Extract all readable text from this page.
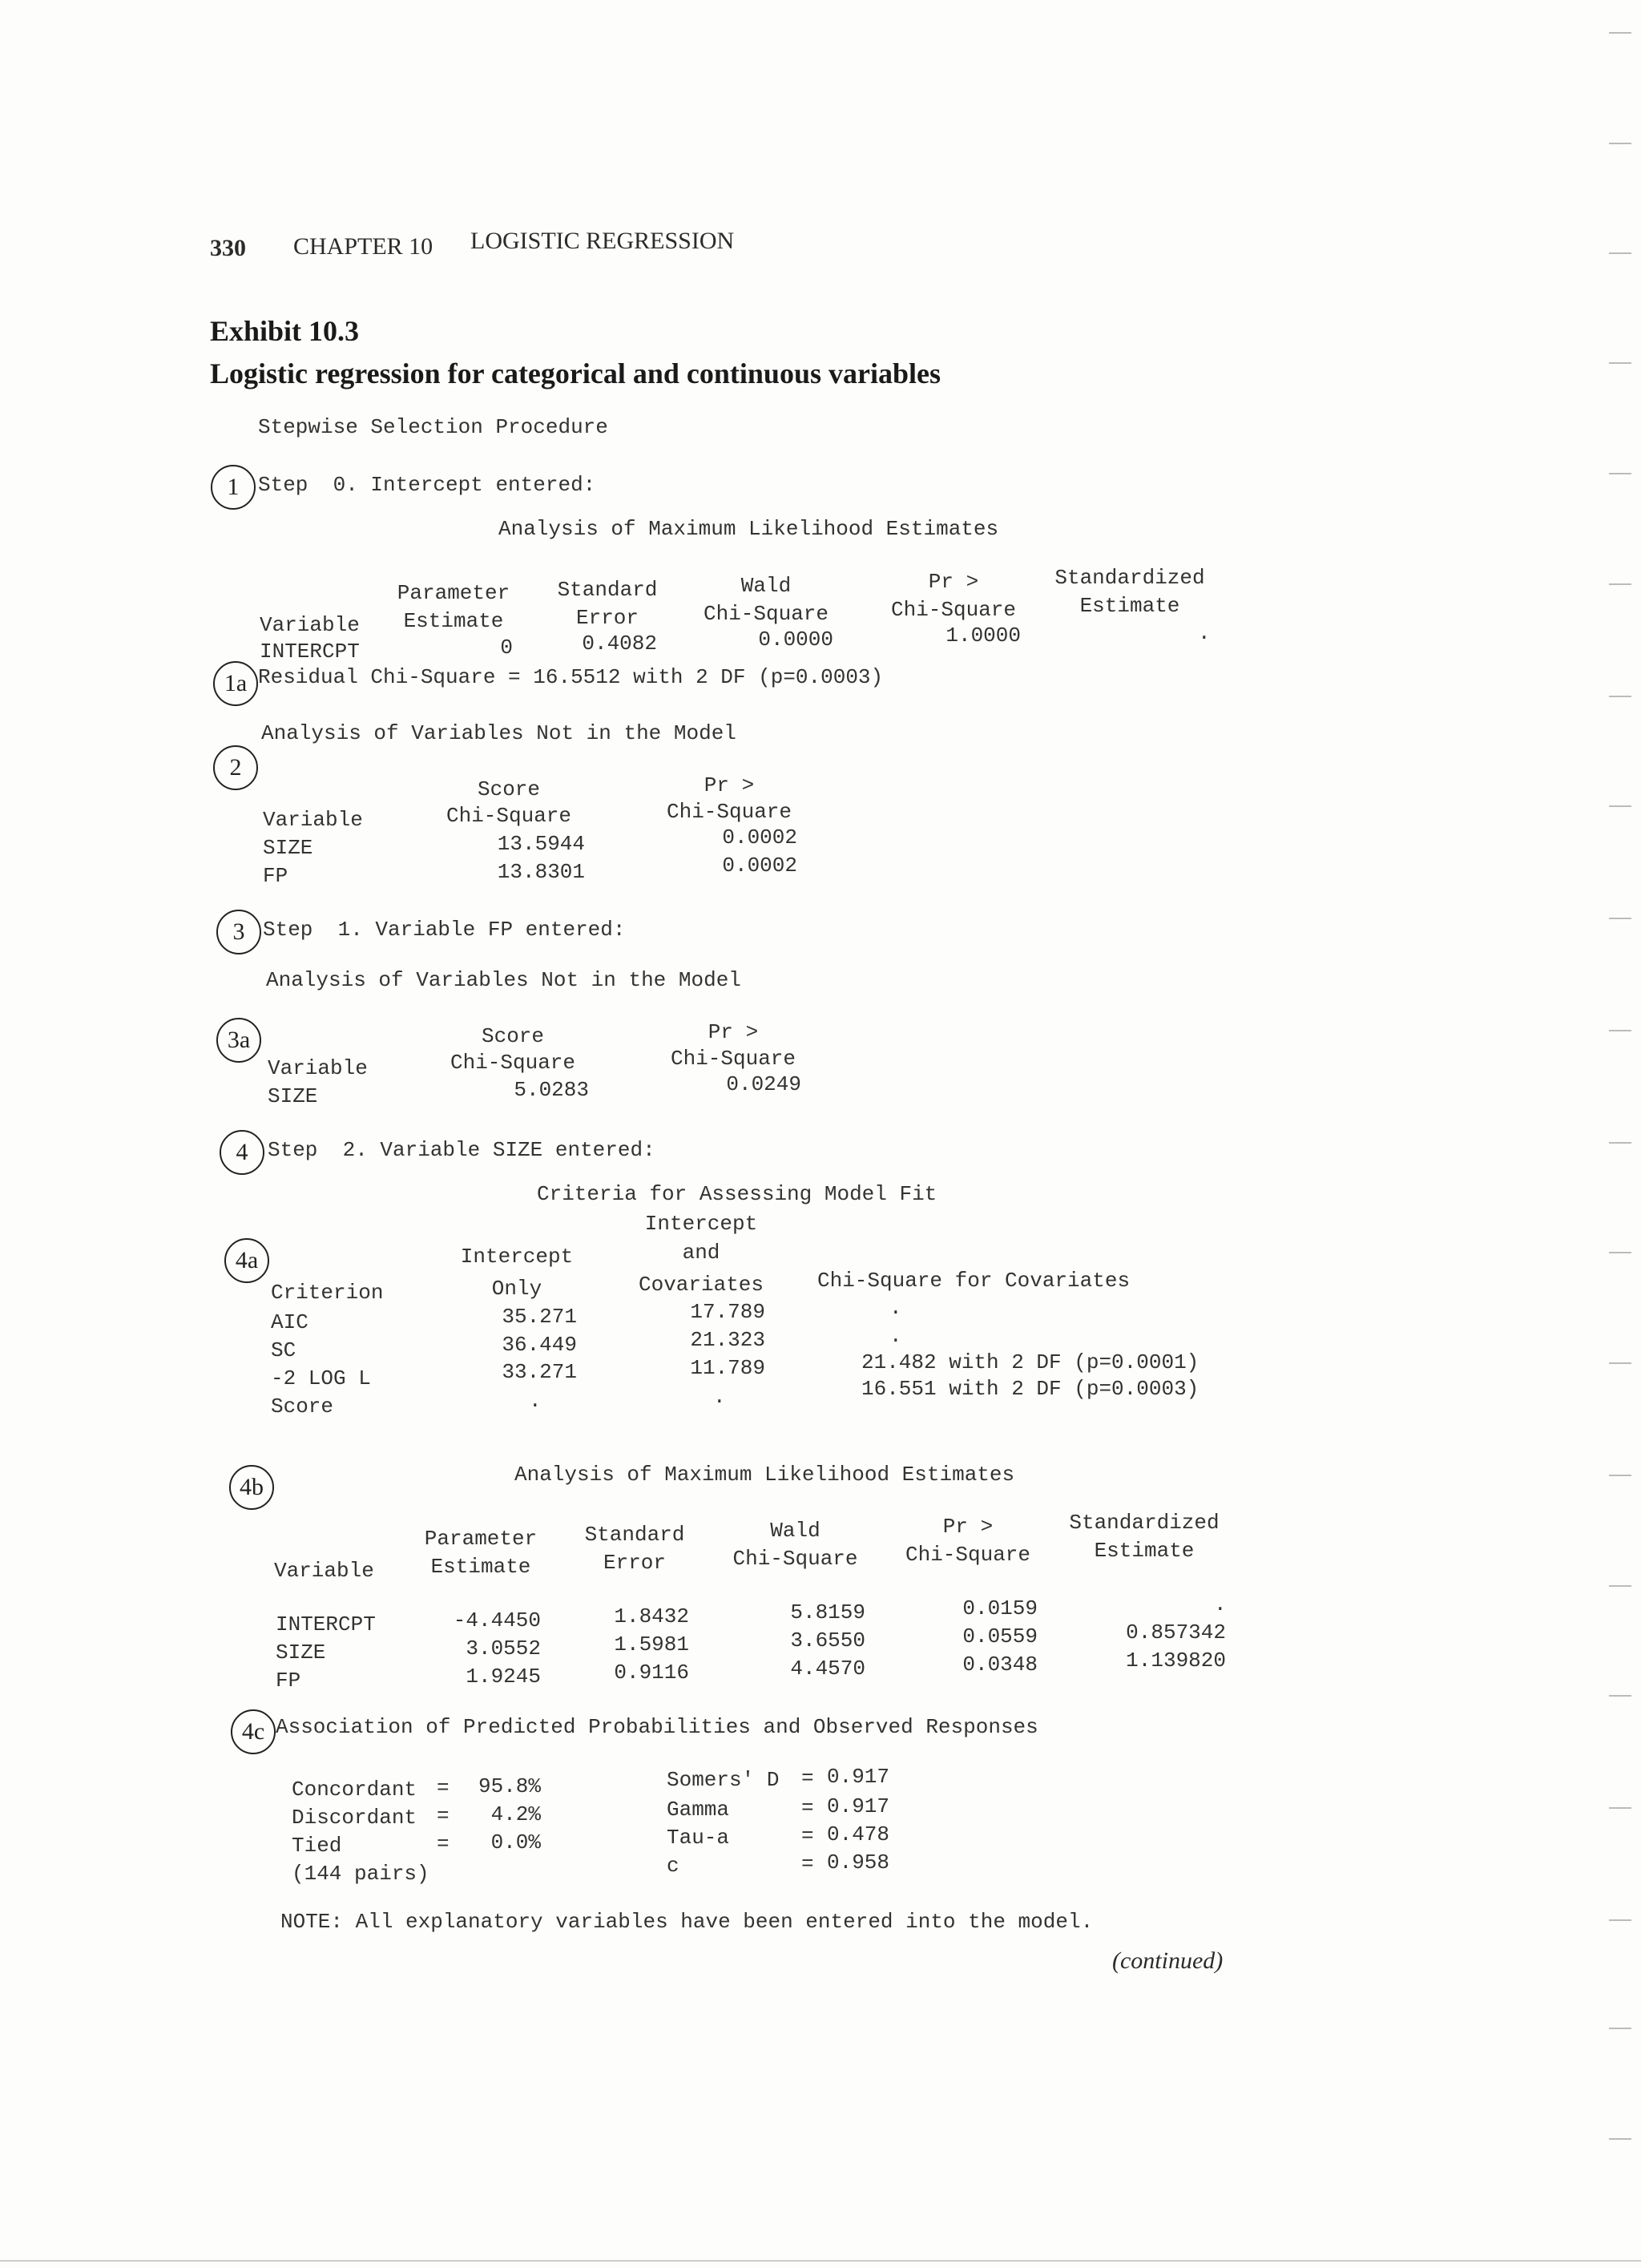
330 CHAPTER 10 LOGISTIC REGRESSION
Exhibit 10.3
Logistic regression for categorical and continuous variables
Stepwise Selection Procedure
1 Step  0. Intercept entered:
Analysis of Maximum Likelihood Estimates
Parameter
Estimate
Standard
Error
Wald
Chi-Square
Pr >
Chi-Square
Standardized
Estimate
Variable
INTERCPT	0	0.4082	0.0000	1.0000	.
1a Residual Chi-Square = 16.5512 with 2 DF (p=0.0003)
Analysis of Variables Not in the Model
2
Score
Chi-Square
Pr >
Chi-Square
Variable
SIZE	13.5944	0.0002
FP	13.8301	0.0002
3 Step  1. Variable FP entered:
Analysis of Variables Not in the Model
3a	Score
Chi-Square
Pr >
Chi-Square
Variable
SIZE	5.0283	0.0249
4 Step  2. Variable SIZE entered:
Criteria for Assessing Model Fit
4a	Intercept
Only
Intercept
and
Covariates	Chi-Square for Covariates
Criterion
AIC	35.271	17.789	.
SC	36.449	21.323	.
-2 LOG L	33.271	11.789	21.482 with 2 DF (p=0.0001)
Score	.	.	16.551 with 2 DF (p=0.0003)
4b	Analysis of Maximum Likelihood Estimates
Parameter
Estimate
Standard
Error
Wald
Chi-Square
Pr >
Chi-Square
Standardized
Estimate
Variable
INTERCPT	-4.4450	1.8432	5.8159	0.0159	.
SIZE	3.0552	1.5981	3.6550	0.0559	0.857342
FP	1.9245	0.9116	4.4570	0.0348	1.139820
4c Association of Predicted Probabilities and Observed Responses
Concordant =	95.8%
Discordant =	4.2%
Tied	=	0.0%
(144 pairs)
Somers' D = 0.917
Gamma	= 0.917
Tau-a	= 0.478
c	= 0.958
NOTE: All explanatory variables have been entered into the model.
(continued)
